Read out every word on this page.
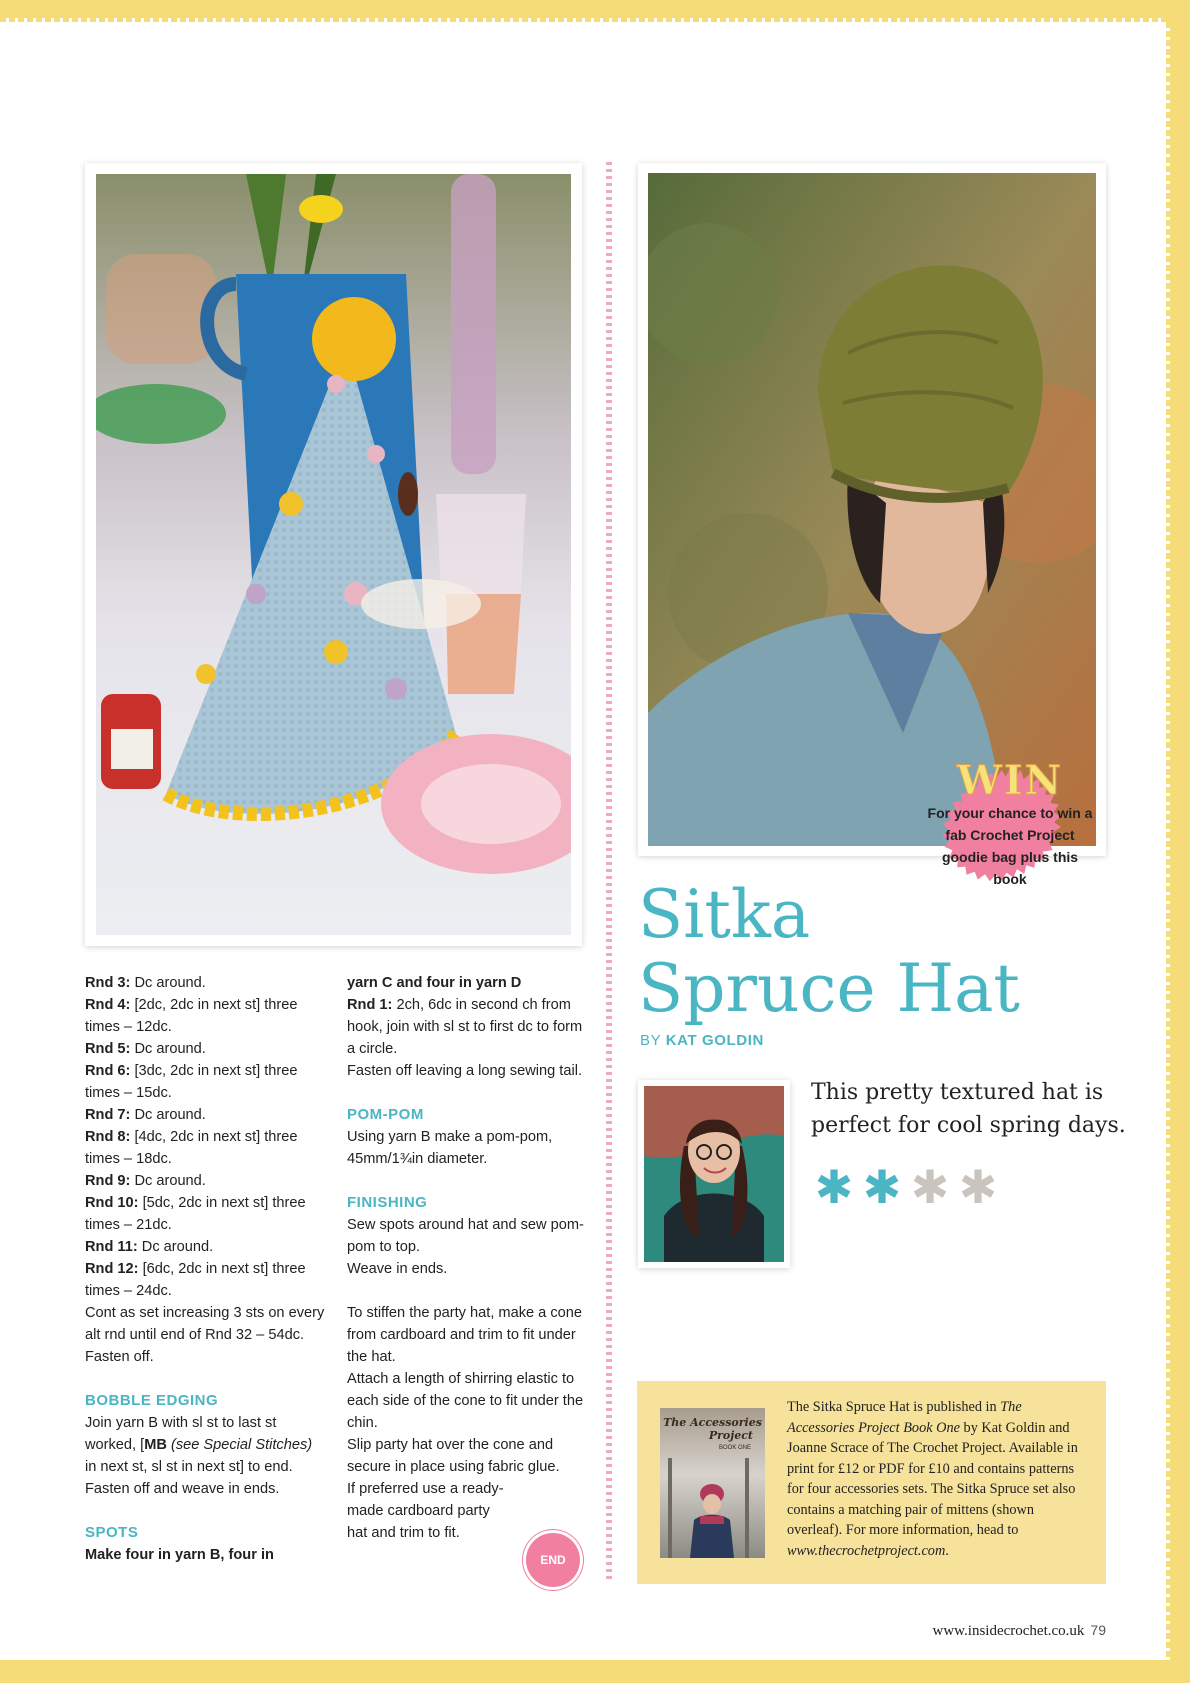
WIN
For your chance to win a
fab Crochet Project
goodie bag plus this book
turn to page 17

Rnd 3: Dc around.

Rnd 4: [2dc, 2dc in next st] three times – 12dc.

Rnd 5: Dc around.

Rnd 6: [3dc, 2dc in next st] three times – 15dc.

Rnd 7: Dc around.

Rnd 8: [4dc, 2dc in next st] three times – 18dc.

Rnd 9: Dc around.

Rnd 10: [5dc, 2dc in next st] three times – 21dc.

Rnd 11: Dc around.

Rnd 12: [6dc, 2dc in next st] three times – 24dc.

Cont as set increasing 3 sts on every alt rnd until end of Rnd 32 – 54dc.

Fasten off.

BOBBLE EDGING

Join yarn B with sl st to last st worked, [MB (see Special Stitches) in next st, sl st in next st] to end.

Fasten off and weave in ends.

SPOTS

Make four in yarn B, four in

yarn C and four in yarn D

Rnd 1: 2ch, 6dc in second ch from hook, join with sl st to first dc to form a circle.

Fasten off leaving a long sewing tail.

POM-POM

Using yarn B make a pom-pom, 45mm/1¾in diameter.

FINISHING

Sew spots around hat and sew pom-pom to top.

Weave in ends.

To stiffen the party hat, make a cone from cardboard and trim to fit under the hat.

Attach a length of shirring elastic to each side of the cone to fit under the chin.

Slip party hat over the cone and secure in place using fabric glue.

If preferred use a ready-

made cardboard party

hat and trim to fit.

END
Sitka
Spruce Hat
BY KAT GOLDIN
This pretty textured hat is perfect for cool spring days.
✱ ✱ ✱ ✱
The Accessories
Project
BOOK ONE
The Sitka Spruce Hat is published in The Accessories Project Book One by Kat Goldin and Joanne Scrace of The Crochet Project. Available in print for £12 or PDF for £10 and contains patterns for four accessories sets. The Sitka Spruce set also contains a matching pair of mittens (shown overleaf). For more information, head to www.thecrochetproject.com.
www.insidecrochet.co.uk 79
